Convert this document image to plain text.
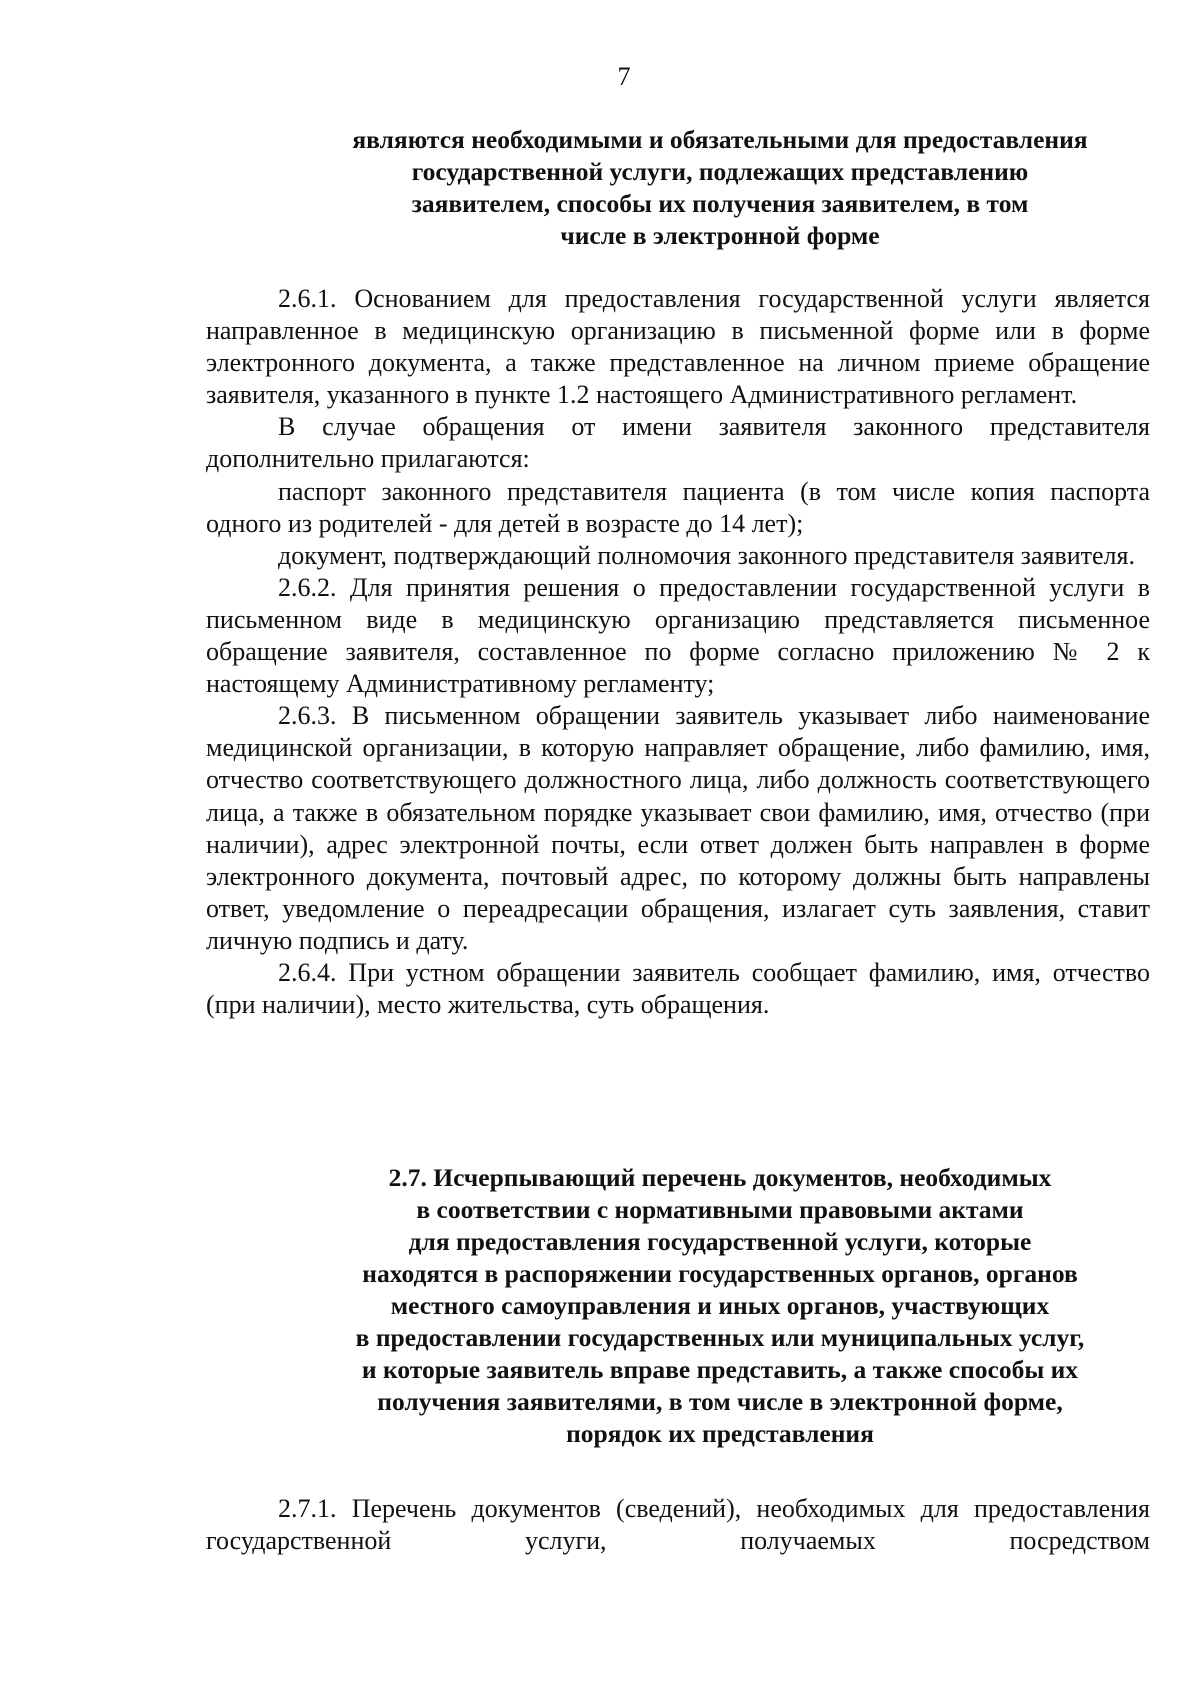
7
являются необходимыми и обязательными для предоставления
государственной услуги, подлежащих представлению
заявителем, способы их получения заявителем, в том
числе в электронной форме

2.6.1. Основанием для предоставления государственной услуги является направленное в медицинскую организацию в письменной форме или в форме электронного документа, а также представленное на личном приеме обращение заявителя, указанного в пункте 1.2 настоящего Административного регламент.

В случае обращения от имени заявителя законного представителя дополнительно прилагаются:

паспорт законного представителя пациента (в том числе копия паспорта одного из родителей - для детей в возрасте до 14 лет);

документ, подтверждающий полномочия законного представителя заявителя.

2.6.2. Для принятия решения о предоставлении государственной услуги в письменном виде в медицинскую организацию представляется письменное обращение заявителя, составленное по форме согласно приложению № 2 к настоящему Административному регламенту;

2.6.3. В письменном обращении заявитель указывает либо наименование медицинской организации, в которую направляет обращение, либо фамилию, имя, отчество соответствующего должностного лица, либо должность соответствующего лица, а также в обязательном порядке указывает свои фамилию, имя, отчество (при наличии), адрес электронной почты, если ответ должен быть направлен в форме электронного документа, почтовый адрес, по которому должны быть направлены ответ, уведомление о переадресации обращения, излагает суть заявления, ставит личную подпись и дату.

2.6.4. При устном обращении заявитель сообщает фамилию, имя, отчество (при наличии), место жительства, суть обращения.

2.7. Исчерпывающий перечень документов, необходимых
в соответствии с нормативными правовыми актами
для предоставления государственной услуги, которые
находятся в распоряжении государственных органов, органов
местного самоуправления и иных органов, участвующих
в предоставлении государственных или муниципальных услуг,
и которые заявитель вправе представить, а также способы их
получения заявителями, в том числе в электронной форме,
порядок их представления

2.7.1. Перечень документов (сведений), необходимых для предоставления государственной услуги, получаемых посредством
